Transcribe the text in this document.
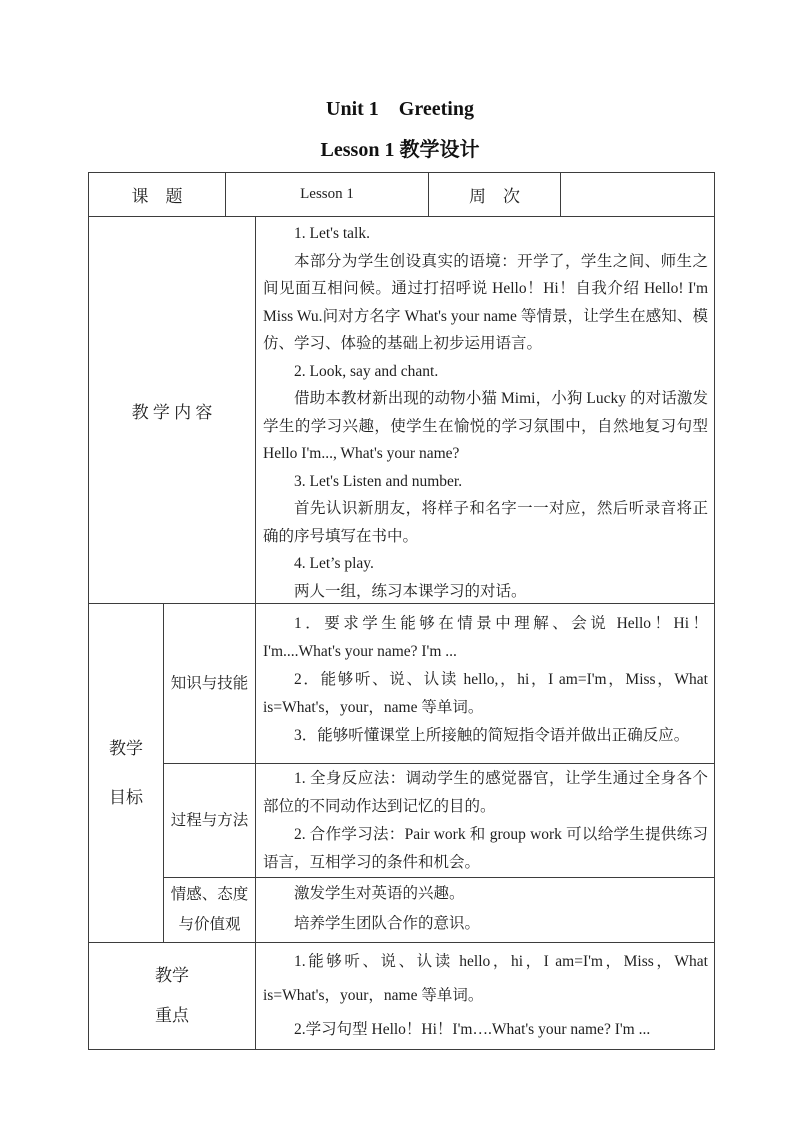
Unit 1　Greeting
Lesson 1 教学设计
课　题	Lesson 1	周　次
教 学 内 容

1. Let's talk.

本部分为学生创设真实的语境：开学了，学生之间、师生之间见面互相问候。通过打招呼说 Hello！Hi！自我介绍 Hello! I'm Miss Wu.问对方名字 What's your name 等情景，让学生在感知、模仿、学习、体验的基础上初步运用语言。

2. Look, say and chant.

借助本教材新出现的动物小猫 Mimi，小狗 Lucky 的对话激发学生的学习兴趣，使学生在愉悦的学习氛围中，自然地复习句型 Hello I'm..., What's your name?

3. Let's Listen and number.

首先认识新朋友，将样子和名字一一对应，然后听录音将正确的序号填写在书中。

4. Let’s play.

两人一组，练习本课学习的对话。

教学
目标
知识与技能

1．要求学生能够在情景中理解、会说 Hello！Hi！I'm....What's your name? I'm ...

2．能够听、说、认读 hello,，hi，I am=I'm，Miss，What is=What's，your，name 等单词。

3．能够听懂课堂上所接触的简短指令语并做出正确反应。

过程与方法

1. 全身反应法：调动学生的感觉器官，让学生通过全身各个部位的不同动作达到记忆的目的。

2. 合作学习法：Pair work 和 group work 可以给学生提供练习语言，互相学习的条件和机会。

情感、态度与价值观

激发学生对英语的兴趣。

培养学生团队合作的意识。

教学
重点

1.能够听、说、认读 hello，hi，I am=I'm，Miss，What is=What's，your，name 等单词。

2.学习句型 Hello！Hi！I'm….What's your name? I'm ...
